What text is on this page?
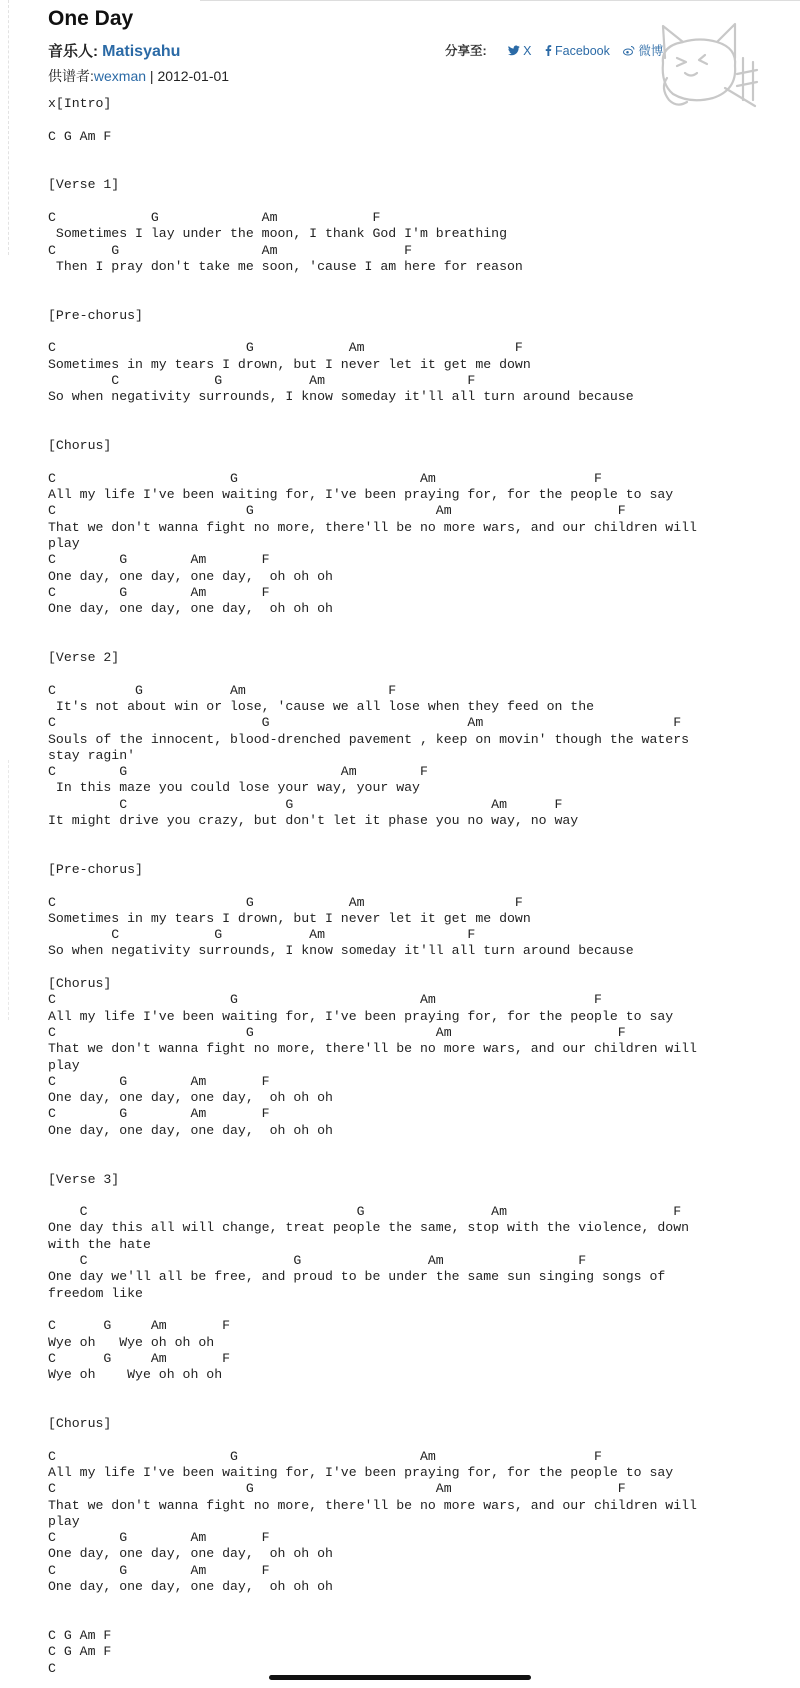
One Day
音乐人: Matisyahu
供谱者:wexman | 2012-01-01
分享至:	X Facebook 微博
x[Intro]

C G Am F

[Verse 1]

C            G             Am            F
Sometimes I lay under the moon, I thank God I'm breathing
C       G                  Am                F
Then I pray don't take me soon, 'cause I am here for reason

[Pre-chorus]

C                        G            Am                   F
Sometimes in my tears I drown, but I never let it get me down
C            G           Am                  F
So when negativity surrounds, I know someday it'll all turn around because

[Chorus]

C                      G                       Am                    F
All my life I've been waiting for, I've been praying for, for the people to say
C                        G                       Am                     F
That we don't wanna fight no more, there'll be no more wars, and our children will
play
C        G        Am       F
One day, one day, one day,  oh oh oh
C        G        Am       F
One day, one day, one day,  oh oh oh

[Verse 2]

C          G           Am                  F
It's not about win or lose, 'cause we all lose when they feed on the
C                          G                         Am                        F
Souls of the innocent, blood-drenched pavement , keep on movin' though the waters
stay ragin'
C        G                           Am        F
In this maze you could lose your way, your way
C                    G                         Am      F
It might drive you crazy, but don't let it phase you no way, no way

[Pre-chorus]

C                        G            Am                   F
Sometimes in my tears I drown, but I never let it get me down
C            G           Am                  F
So when negativity surrounds, I know someday it'll all turn around because

[Chorus]
C                      G                       Am                    F
All my life I've been waiting for, I've been praying for, for the people to say
C                        G                       Am                     F
That we don't wanna fight no more, there'll be no more wars, and our children will
play
C        G        Am       F
One day, one day, one day,  oh oh oh
C        G        Am       F
One day, one day, one day,  oh oh oh

[Verse 3]

C                                  G                Am                     F
One day this all will change, treat people the same, stop with the violence, down
with the hate
C                          G                Am                 F
One day we'll all be free, and proud to be under the same sun singing songs of
freedom like

C      G     Am       F
Wye oh   Wye oh oh oh
C      G     Am       F
Wye oh    Wye oh oh oh

[Chorus]

C                      G                       Am                    F
All my life I've been waiting for, I've been praying for, for the people to say
C                        G                       Am                     F
That we don't wanna fight no more, there'll be no more wars, and our children will
play
C        G        Am       F
One day, one day, one day,  oh oh oh
C        G        Am       F
One day, one day, one day,  oh oh oh

C G Am F
C G Am F
C
